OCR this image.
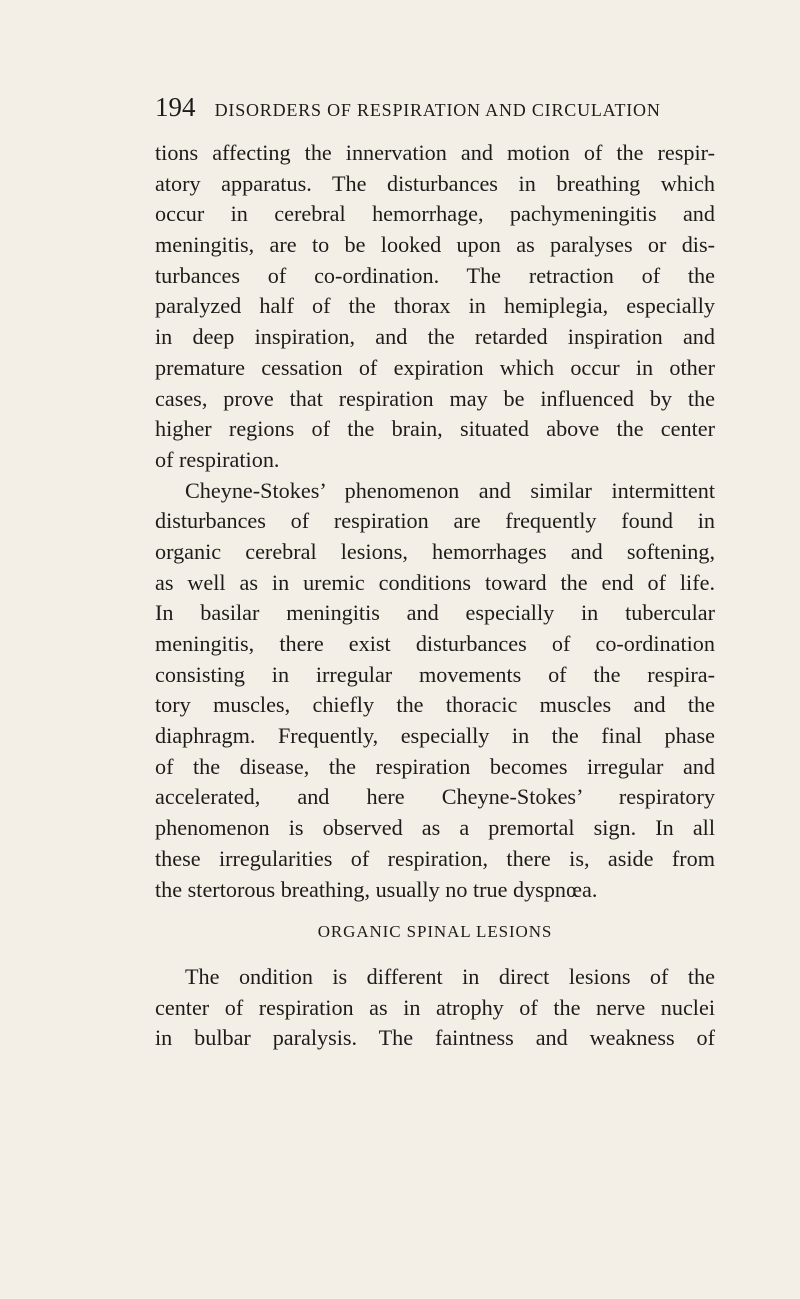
194 DISORDERS OF RESPIRATION AND CIRCULATION
tions affecting the innervation and motion of the respir-
atory apparatus. The disturbances in breathing which
occur in cerebral hemorrhage, pachymeningitis and
meningitis, are to be looked upon as paralyses or dis-
turbances of co-ordination. The retraction of the
paralyzed half of the thorax in hemiplegia, especially
in deep inspiration, and the retarded inspiration and
premature cessation of expiration which occur in other
cases, prove that respiration may be influenced by the
higher regions of the brain, situated above the center
of respiration.
Cheyne-Stokes’ phenomenon and similar intermittent
disturbances of respiration are frequently found in
organic cerebral lesions, hemorrhages and softening,
as well as in uremic conditions toward the end of life.
In basilar meningitis and especially in tubercular
meningitis, there exist disturbances of co-ordination
consisting in irregular movements of the respira-
tory muscles, chiefly the thoracic muscles and the
diaphragm. Frequently, especially in the final phase
of the disease, the respiration becomes irregular and
accelerated, and here Cheyne-Stokes’ respiratory
phenomenon is observed as a premortal sign. In all
these irregularities of respiration, there is, aside from
the stertorous breathing, usually no true dyspnœa.
ORGANIC SPINAL LESIONS
The ondition is different in direct lesions of the
center of respiration as in atrophy of the nerve nuclei
in bulbar paralysis. The faintness and weakness of
